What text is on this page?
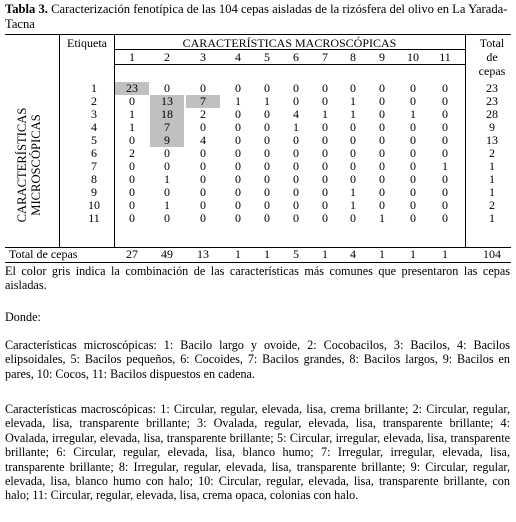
Tabla 3. Caracterización fenotípica de las 104 cepas aisladas de la rizósfera del olivo en La Yarada-Tacna
CARACTERÍSTICAS MICROSCÓPICAS
Etiqueta	CARACTERÍSTICAS MACROSCÓPICAS	Total
de
cepas
1	2	3	4	5	6	7	8	9	10	11
1	23	0	0	0	0	0	0	0	0	0	0	23
2	0	13	7	1	1	0	0	1	0	0	0	23
3	1	18	2	0	0	4	1	1	0	1	0	28
4	1	7	0	0	0	1	0	0	0	0	0	9
5	0	9	4	0	0	0	0	0	0	0	0	13
6	2	0	0	0	0	0	0	0	0	0	0	2
7	0	0	0	0	0	0	0	0	0	0	1	1
8	0	1	0	0	0	0	0	0	0	0	0	1
9	0	0	0	0	0	0	0	1	0	0	0	1
10	0	1	0	0	0	0	0	1	0	0	0	2
11	0	0	0	0	0	0	0	0	1	0	0	1
Total de cepas	27	49	13	1	1	5	1	4	1	1	1	104
El color gris indica la combinación de las características más comunes que presentaron las cepas aisladas.
Donde:
Características microscópicas: 1: Bacilo largo y ovoide, 2: Cocobacilos, 3: Bacilos, 4: Bacilos elipsoidales, 5: Bacilos pequeños, 6: Cocoides, 7: Bacilos grandes, 8: Bacilos largos, 9: Bacilos en pares, 10: Cocos, 11: Bacilos dispuestos en cadena.
Características macroscópicas: 1: Circular, regular, elevada, lisa, crema brillante; 2: Circular, regular, elevada, lisa, transparente brillante; 3: Ovalada, regular, elevada, lisa, transparente brillante; 4: Ovalada, irregular, elevada, lisa, transparente brillante; 5: Circular, irregular, elevada, lisa, transparente brillante; 6: Circular, regular, elevada, lisa, blanco humo; 7: Irregular, irregular, elevada, lisa, transparente brillante; 8: Irregular, regular, elevada, lisa, transparente brillante; 9: Circular, regular, elevada, lisa, blanco humo con halo; 10: Circular, regular, elevada, lisa, transparente brillante, con halo; 11: Circular, regular, elevada, lisa, crema opaca, colonias con halo.
